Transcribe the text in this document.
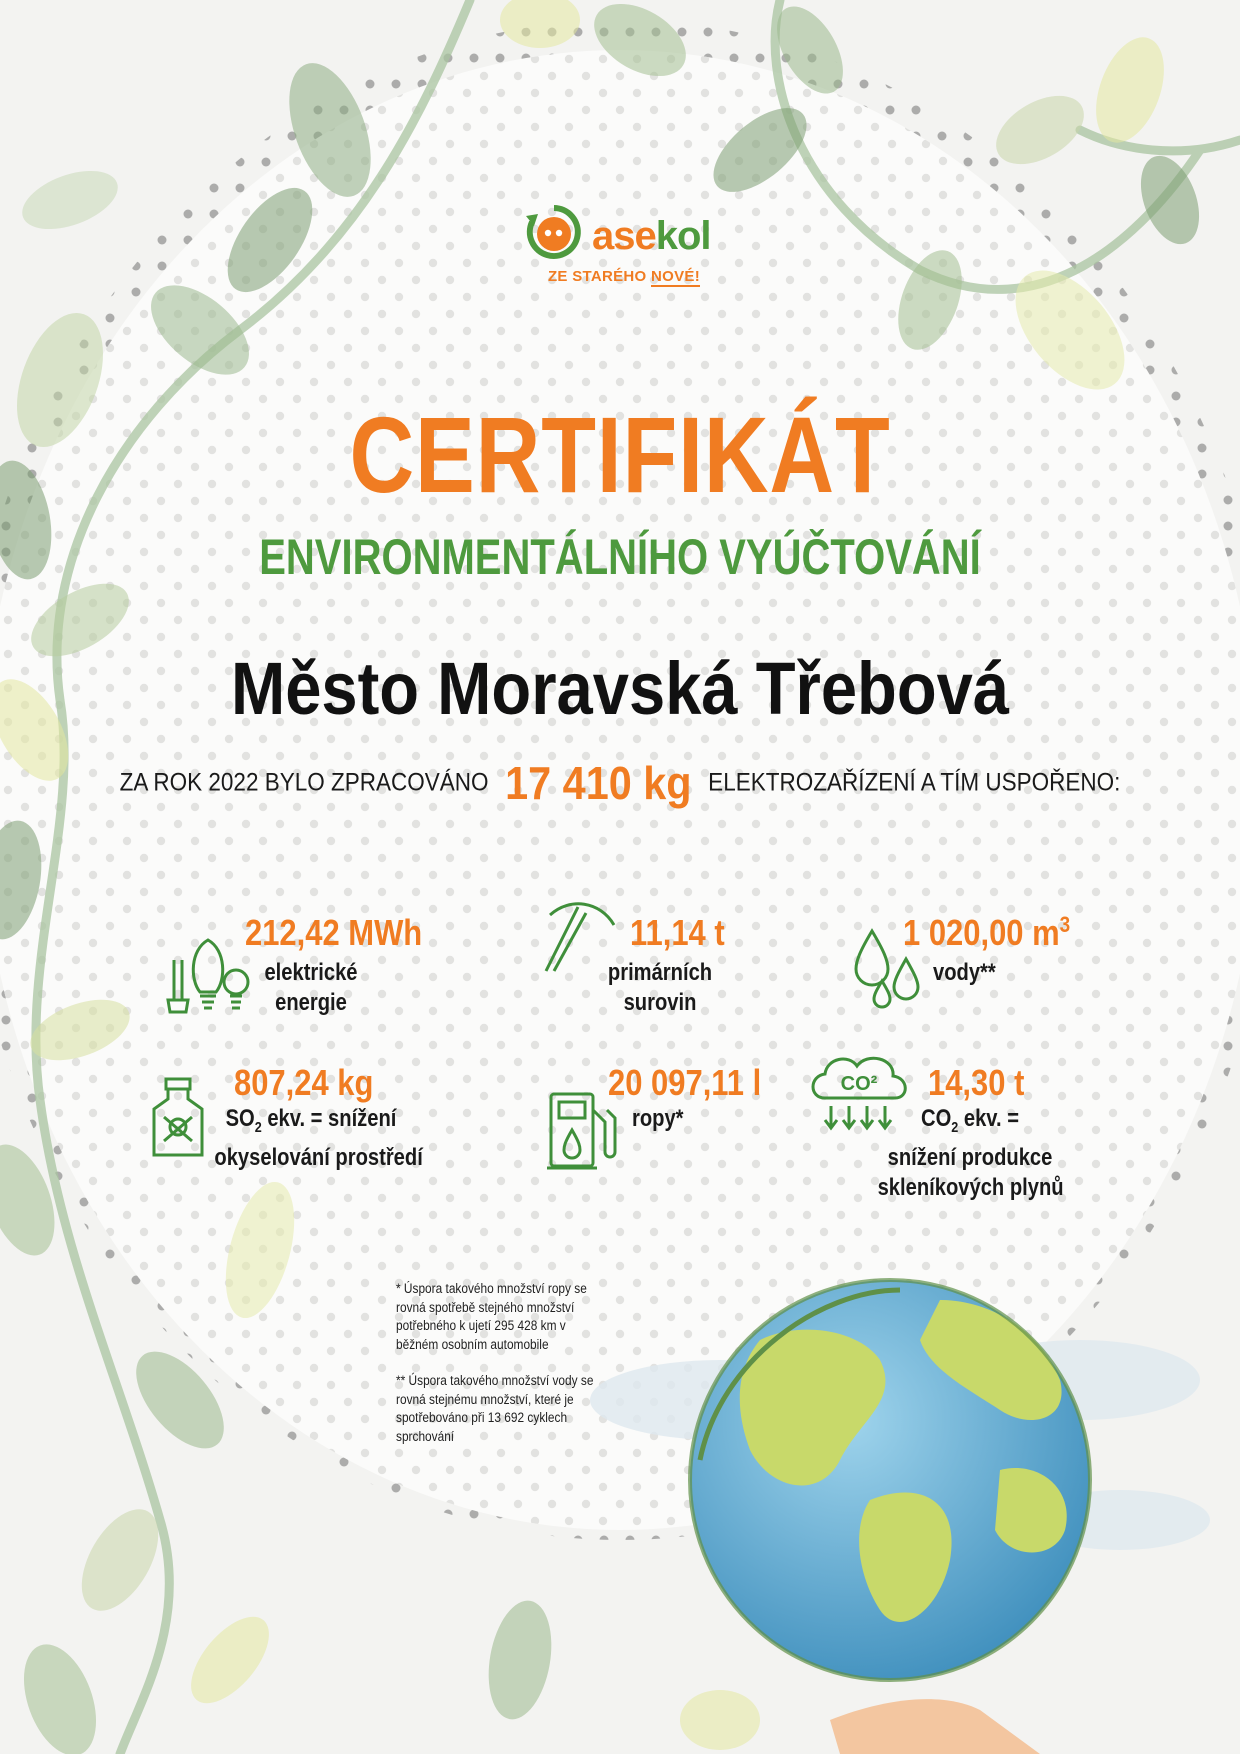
asekol
ZE STARÉHO NOVÉ!
CERTIFIKÁT
ENVIRONMENTÁLNÍHO VYÚČTOVÁNÍ
Město Moravská Třebová
ZA ROK 2022 BYLO ZPRACOVÁNO 17 410 kg ELEKTROZAŘÍZENÍ A TÍM USPOŘENO:
212,42 MWh
elektrické
energie
11,14 t
primárních
surovin
1 020,00 $m^3$
vody**
807,24 kg
$SO_2$ ekv. = snížení
okyselování prostředí
20 097,11 l
ropy*
CO² 14,30 t
$CO_2$ ekv. =
snížení produkce
skleníkových plynů

* Úspora takového množství ropy se rovná spotřebě stejného množství potřebného k ujetí 295 428 km v běžném osobním automobile

** Úspora takového množství vody se rovná stejnému množství, které je spotřebováno při 13 692 cyklech sprchování
